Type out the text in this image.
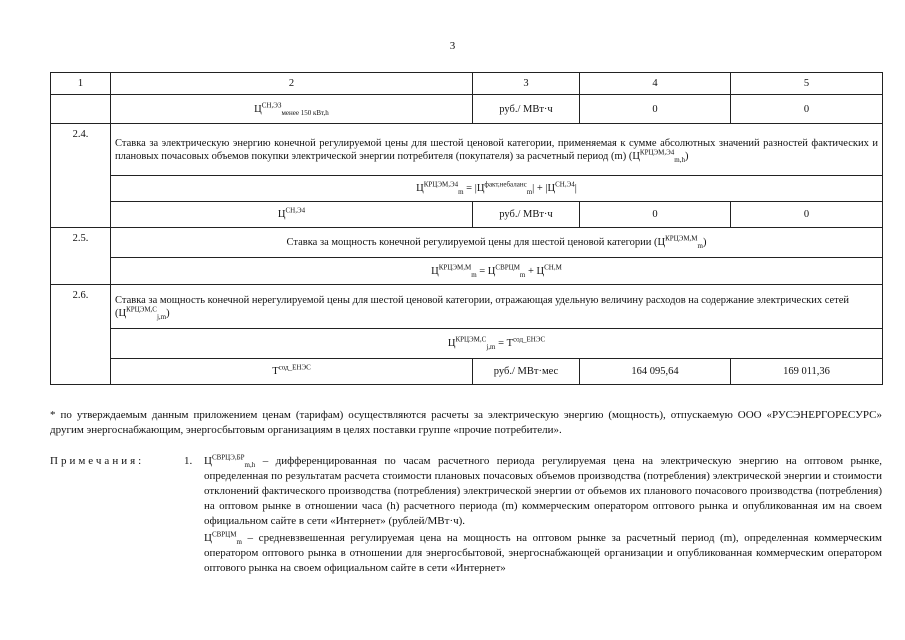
3
1	2	3	4	5
	$Ц^{СН,ЭЗ}_{менее 150 кВт,h}$	руб./ МВт·ч	0	0
2.4.	Ставка за электрическую энергию конечной регулируемой цены для шестой ценовой категории, применяемая к сумме абсолютных значений разностей фактических и плановых почасовых объемов покупки электрической энергии потребителя (покупателя) за расчетный период (m) $(Ц^{КРЦЭМ,Э4}_{m,h})$			
	$Ц^{КРЦЭМ,Э4}_m = |Ц^{факт,небаланс}_m| + |Ц^{СН,Э4}|$			
	$Ц^{СН,Э4}$	руб./ МВт·ч	0	0
2.5.	Ставка за мощность конечной регулируемой цены для шестой ценовой категории $(Ц^{КРЦЭМ,М}_m)$			
	$Ц^{КРЦЭМ,М}_m = Ц^{СВРЦМ}_m + Ц^{СН,М}$
2.6.	Ставка за мощность конечной нерегулируемой цены для шестой ценовой категории, отражающая удельную величину расходов на содержание электрических сетей $(Ц^{КРЦЭМ,С}_{j,m})$			
	$Ц^{КРЦЭМ,С}_{j,m} = Т^{сод\_ЕНЭС}$
	$Т^{сод\_ЕНЭС}$	руб./ МВт·мес	164 095,64	169 011,36
* по утверждаемым данным приложением ценам (тарифам) осуществляются расчеты за электрическую энергию (мощность), отпускаемую ООО «РУСЭНЕРГОРЕСУРС» другим энергоснабжающим, энергосбытовым организациям в целях поставки группе «прочие потребители».
Примечания:	1. $Ц^{СВРЦЭ,БР}_{m,h}$ – дифференцированная по часам расчетного периода регулируемая цена на электрическую энергию на оптовом рынке, определенная по результатам расчета стоимости плановых почасовых объемов производства (потребления) электрической энергии и стоимости отклонений фактического производства (потребления) электрической энергии от объемов их планового почасового производства (потребления) на оптовом рынке в отношении часа (h) расчетного периода (m) коммерческим оператором оптового рынка и опубликованная им на своем официальном сайте в сети «Интернет» (рублей/МВт·ч).
$Ц^{СВРЦМ}_m$ – средневзвешенная регулируемая цена на мощность на оптовом рынке за расчетный период (m), определенная коммерческим оператором оптового рынка в отношении для энергосбытовой, энергоснабжающей организации и опубликованная коммерческим оператором оптового рынка на своем официальном сайте в сети «Интернет»
